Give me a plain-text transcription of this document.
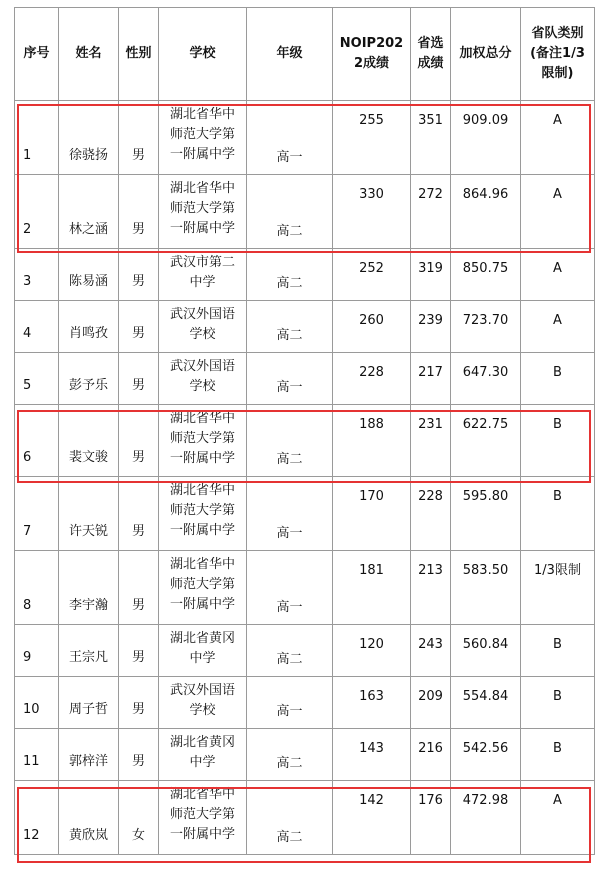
序号	姓名	性别	学校	年级	NOIP2022成绩	省选成绩	加权总分	省队类别(备注1/3限制)
1	徐骁扬	男	湖北省华中师范大学第一附属中学	高一	255	351	909.09	A
2	林之涵	男	湖北省华中师范大学第一附属中学	高二	330	272	864.96	A
3	陈易涵	男	武汉市第二中学	高二	252	319	850.75	A
4	肖鸣孜	男	武汉外国语学校	高二	260	239	723.70	A
5	彭予乐	男	武汉外国语学校	高一	228	217	647.30	B
6	裴文骏	男	湖北省华中师范大学第一附属中学	高二	188	231	622.75	B
7	许天锐	男	湖北省华中师范大学第一附属中学	高一	170	228	595.80	B
8	李宇瀚	男	湖北省华中师范大学第一附属中学	高一	181	213	583.50	1/3限制
9	王宗凡	男	湖北省黄冈中学	高二	120	243	560.84	B
10	周子哲	男	武汉外国语学校	高一	163	209	554.84	B
11	郭梓洋	男	湖北省黄冈中学	高二	143	216	542.56	B
12	黄欣岚	女	湖北省华中师范大学第一附属中学	高二	142	176	472.98	A
